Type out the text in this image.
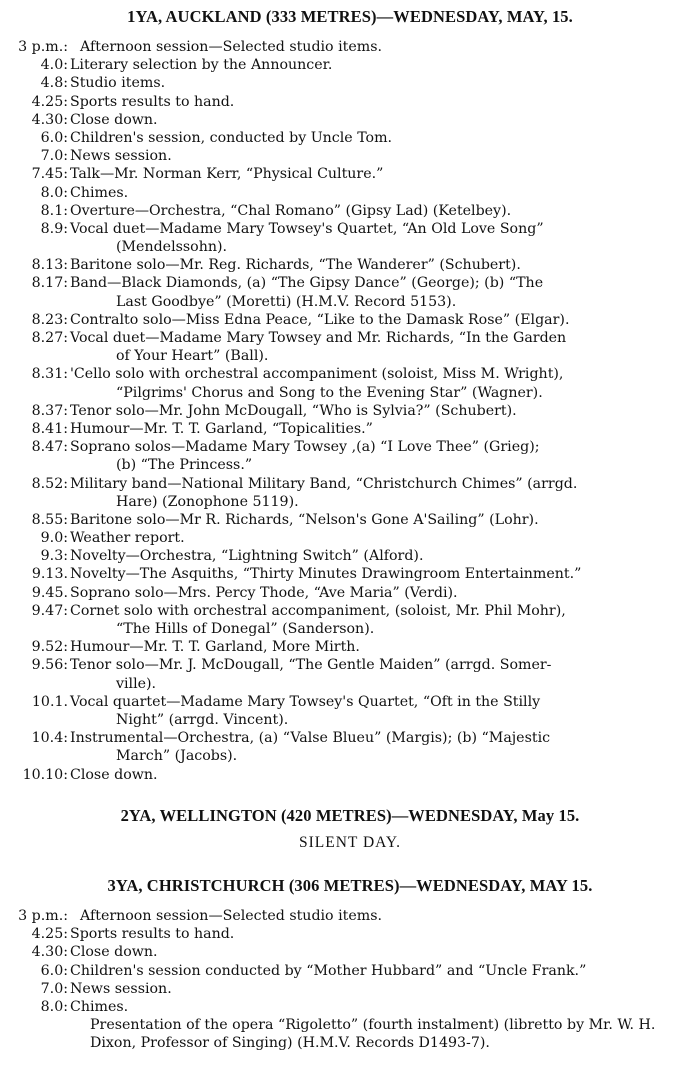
1YA, AUCKLAND (333 METRES)—WEDNESDAY, MAY, 15.
3 p.m.: Afternoon session—Selected studio items.
4.0: Literary selection by the Announcer.
4.8: Studio items.
4.25: Sports results to hand.
4.30: Close down.
6.0: Children's session, conducted by Uncle Tom.
7.0: News session.
7.45: Talk—Mr. Norman Kerr, “Physical Culture.”
8.0: Chimes.
8.1: Overture—Orchestra, “Chal Romano” (Gipsy Lad) (Ketelbey).
8.9: Vocal duet—Madame Mary Towsey's Quartet, “An Old Love Song”
(Mendelssohn).
8.13: Baritone solo—Mr. Reg. Richards, “The Wanderer” (Schubert).
8.17: Band—Black Diamonds, (a) “The Gipsy Dance” (George); (b) “The
Last Goodbye” (Moretti) (H.M.V. Record 5153).
8.23: Contralto solo—Miss Edna Peace, “Like to the Damask Rose” (Elgar).
8.27: Vocal duet—Madame Mary Towsey and Mr. Richards, “In the Garden
of Your Heart” (Ball).
8.31: 'Cello solo with orchestral accompaniment (soloist, Miss M. Wright),
“Pilgrims' Chorus and Song to the Evening Star” (Wagner).
8.37: Tenor solo—Mr. John McDougall, “Who is Sylvia?” (Schubert).
8.41: Humour—Mr. T. T. Garland, “Topicalities.”
8.47: Soprano solos—Madame Mary Towsey ,(a) “I Love Thee” (Grieg);
(b) “The Princess.”
8.52: Military band—National Military Band, “Christchurch Chimes” (arrgd.
Hare) (Zonophone 5119).
8.55: Baritone solo—Mr R. Richards, “Nelson's Gone A'Sailing” (Lohr).
9.0: Weather report.
9.3: Novelty—Orchestra, “Lightning Switch” (Alford).
9.13. Novelty—The Asquiths, “Thirty Minutes Drawingroom Entertainment.”
9.45. Soprano solo—Mrs. Percy Thode, “Ave Maria” (Verdi).
9.47: Cornet solo with orchestral accompaniment, (soloist, Mr. Phil Mohr),
“The Hills of Donegal” (Sanderson).
9.52: Humour—Mr. T. T. Garland, More Mirth.
9.56: Tenor solo—Mr. J. McDougall, “The Gentle Maiden” (arrgd. Somer-
ville).
10.1. Vocal quartet—Madame Mary Towsey's Quartet, “Oft in the Stilly
Night” (arrgd. Vincent).
10.4: Instrumental—Orchestra, (a) “Valse Blueu” (Margis); (b) “Majestic
March” (Jacobs).
10.10: Close down.
2YA, WELLINGTON (420 METRES)—WEDNESDAY, May 15.
SILENT DAY.
3YA, CHRISTCHURCH (306 METRES)—WEDNESDAY, MAY 15.
3 p.m.: Afternoon session—Selected studio items.
4.25: Sports results to hand.
4.30: Close down.
6.0: Children's session conducted by “Mother Hubbard” and “Uncle Frank.”
7.0: News session.
8.0: Chimes.
Presentation of the opera “Rigoletto” (fourth instalment) (libretto by Mr. W. H. Dixon, Professor of Singing) (H.M.V. Records D1493-7).
